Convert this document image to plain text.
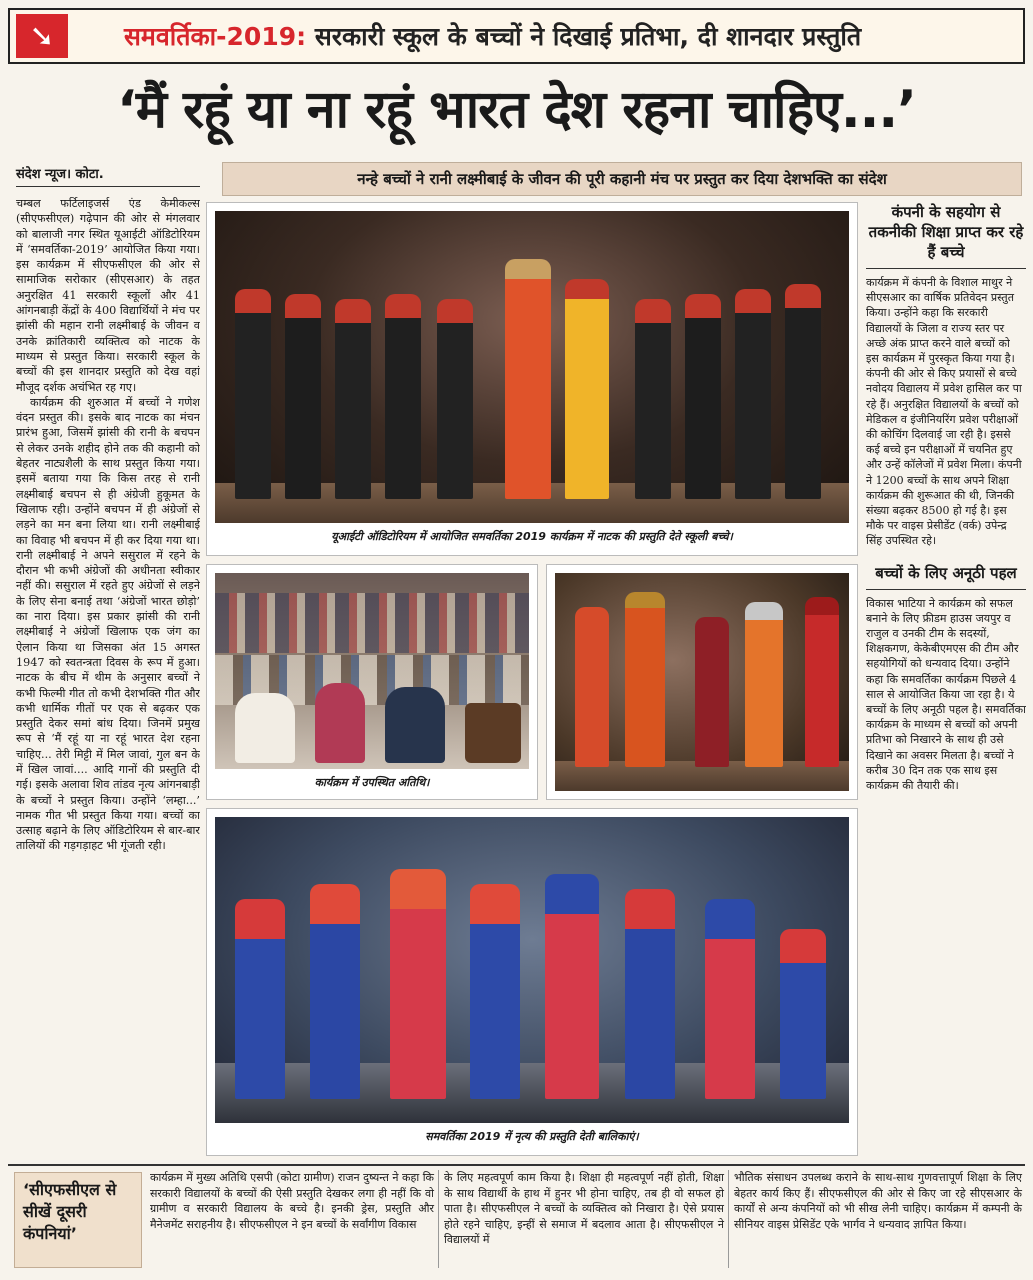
➘	समवर्तिका-2019: सरकारी स्कूल के बच्चों ने दिखाई प्रतिभा, दी शानदार प्रस्तुति
‘मैं रहूं या ना रहूं भारत देश रहना चाहिए...’
संदेश न्यूज। कोटा.	नन्हे बच्चों ने रानी लक्ष्मीबाई के जीवन की पूरी कहानी मंच पर प्रस्तुत कर दिया देशभक्ति का संदेश

चम्बल फर्टिलाइजर्स एंड केमीकल्स (सीएफसीएल) गढ़ेपान की ओर से मंगलवार को बालाजी नगर स्थित यूआईटी ऑडिटोरियम में ‘समवर्तिका-2019’ आयोजित किया गया। इस कार्यक्रम में सीएफसीएल की ओर से सामाजिक सरोकार (सीएसआर) के तहत अनुरक्षित 41 सरकारी स्कूलों और 41 आंगनबाड़ी केंद्रों के 400 विद्यार्थियों ने मंच पर झांसी की महान रानी लक्ष्मीबाई के जीवन व उनके क्रांतिकारी व्यक्तित्व को नाटक के माध्यम से प्रस्तुत किया। सरकारी स्कूल के बच्चों की इस शानदार प्रस्तुति को देख वहां मौजूद दर्शक अचंभित रह गए।

कार्यक्रम की शुरुआत में बच्चों ने गणेश वंदन प्रस्तुत की। इसके बाद नाटक का मंचन प्रारंभ हुआ, जिसमें झांसी की रानी के बचपन से लेकर उनके शहीद होने तक की कहानी को बेहतर नाट्यशैली के साथ प्रस्तुत किया गया। इसमें बताया गया कि किस तरह से रानी लक्ष्मीबाई बचपन से ही अंग्रेजी हुकूमत के खिलाफ रही। उन्होंने बचपन में ही अंग्रेजों से लड़ने का मन बना लिया था। रानी लक्ष्मीबाई का विवाह भी बचपन में ही कर दिया गया था। रानी लक्ष्मीबाई ने अपने ससुराल में रहने के दौरान भी कभी अंग्रेजों की अधीनता स्वीकार नहीं की। ससुराल में रहते हुए अंग्रेजों से लड़ने के लिए सेना बनाई तथा ‘अंग्रेजों भारत छोड़ो’ का नारा दिया। इस प्रकार झांसी की रानी लक्ष्मीबाई ने अंग्रेजों खिलाफ एक जंग का ऐलान किया था जिसका अंत 15 अगस्त 1947 को स्वतन्त्रता दिवस के रूप में हुआ। नाटक के बीच में थीम के अनुसार बच्चों ने कभी फिल्मी गीत तो कभी देशभक्ति गीत और कभी धार्मिक गीतों पर एक से बढ़कर एक प्रस्तुति देकर समां बांध दिया। जिनमें प्रमुख रूप से ‘मैं रहूं या ना रहूं भारत देश रहना चाहिए... तेरी मिट्टी में मिल जावां, गुल बन के में खिल जावां.... आदि गानों की प्रस्तुति दी गई। इसके अलावा शिव तांडव नृत्य आंगनबाड़ी के बच्चों ने प्रस्तुत किया। उन्होंने ‘लम्हा...’ नामक गीत भी प्रस्तुत किया गया। बच्चों का उत्साह बढ़ाने के लिए ऑडिटोरियम से बार-बार तालियों की गड़गड़ाहट भी गूंजती रही।

यूआईटी ऑडिटोरियम में आयोजित समवर्तिका 2019 कार्यक्रम में नाटक की प्रस्तुति देते स्कूली बच्चे।
कार्यक्रम में उपस्थित अतिथि।
समवर्तिका 2019 में नृत्य की प्रस्तुति देती बालिकाएं।
कंपनी के सहयोग से तकनीकी शिक्षा प्राप्त कर रहे हैं बच्चे
कार्यक्रम में कंपनी के विशाल माथुर ने सीएसआर का वार्षिक प्रतिवेदन प्रस्तुत किया। उन्होंने कहा कि सरकारी विद्यालयों के जिला व राज्य स्तर पर अच्छे अंक प्राप्त करने वाले बच्चों को इस कार्यक्रम में पुरस्कृत किया गया है। कंपनी की ओर से किए प्रयासों से बच्चे नवोदय विद्यालय में प्रवेश हासिल कर पा रहे हैं। अनुरक्षित विद्यालयों के बच्चों को मेडिकल व इंजीनियरिंग प्रवेश परीक्षाओं की कोचिंग दिलवाई जा रही है। इससे कई बच्चे इन परीक्षाओं में चयनित हुए और उन्हें कॉलेजों में प्रवेश मिला। कंपनी ने 1200 बच्चों के साथ अपने शिक्षा कार्यक्रम की शुरूआत की थी, जिनकी संख्या बढ़कर 8500 हो गई है। इस मौके पर वाइस प्रेसीडेंट (वर्क) उपेन्द्र सिंह उपस्थित रहे।
बच्चों के लिए अनूठी पहल
विकास भाटिया ने कार्यक्रम को सफल बनाने के लिए फ्रीडम हाउस जयपुर व राजुल व उनकी टीम के सदस्यों, शिक्षकगण, केकेबीएमएस की टीम और सहयोगियों को धन्यवाद दिया। उन्होंने कहा कि समवर्तिका कार्यक्रम पिछले 4 साल से आयोजित किया जा रहा है। ये बच्चों के लिए अनूठी पहल है। समवर्तिका कार्यक्रम के माध्यम से बच्चों को अपनी प्रतिभा को निखारने के साथ ही उसे दिखाने का अवसर मिलता है। बच्चों ने करीब 30 दिन तक एक साथ इस कार्यक्रम की तैयारी की।
‘सीएफसीएल से सीखें दूसरी कंपनियां’
कार्यक्रम में मुख्य अतिथि एसपी (कोटा ग्रामीण) राजन दुष्यन्त ने कहा कि सरकारी विद्यालयों के बच्चों की ऐसी प्रस्तुति देखकर लगा ही नहीं कि वो ग्रामीण व सरकारी विद्यालय के बच्चे है। इनकी ड्रेस, प्रस्तुति और मैनेजमेंट सराहनीय है। सीएफसीएल ने इन बच्चों के सर्वांगीण विकास
के लिए महत्वपूर्ण काम किया है। शिक्षा ही महत्वपूर्ण नहीं होती, शिक्षा के साथ विद्यार्थी के हाथ में हुनर भी होना चाहिए, तब ही वो सफल हो पाता है। सीएफसीएल ने बच्चों के व्यक्तित्व को निखारा है। ऐसे प्रयास होते रहने चाहिए, इन्हीं से समाज में बदलाव आता है। सीएफसीएल ने विद्यालयों में
भौतिक संसाधन उपलब्ध कराने के साथ-साथ गुणवत्तापूर्ण शिक्षा के लिए बेहतर कार्य किए हैं। सीएफसीएल की ओर से किए जा रहे सीएसआर के कार्यों से अन्य कंपनियों को भी सीख लेनी चाहिए। कार्यक्रम में कम्पनी के सीनियर वाइस प्रेसिडेंट एके भार्गव ने धन्यवाद ज्ञापित किया।
